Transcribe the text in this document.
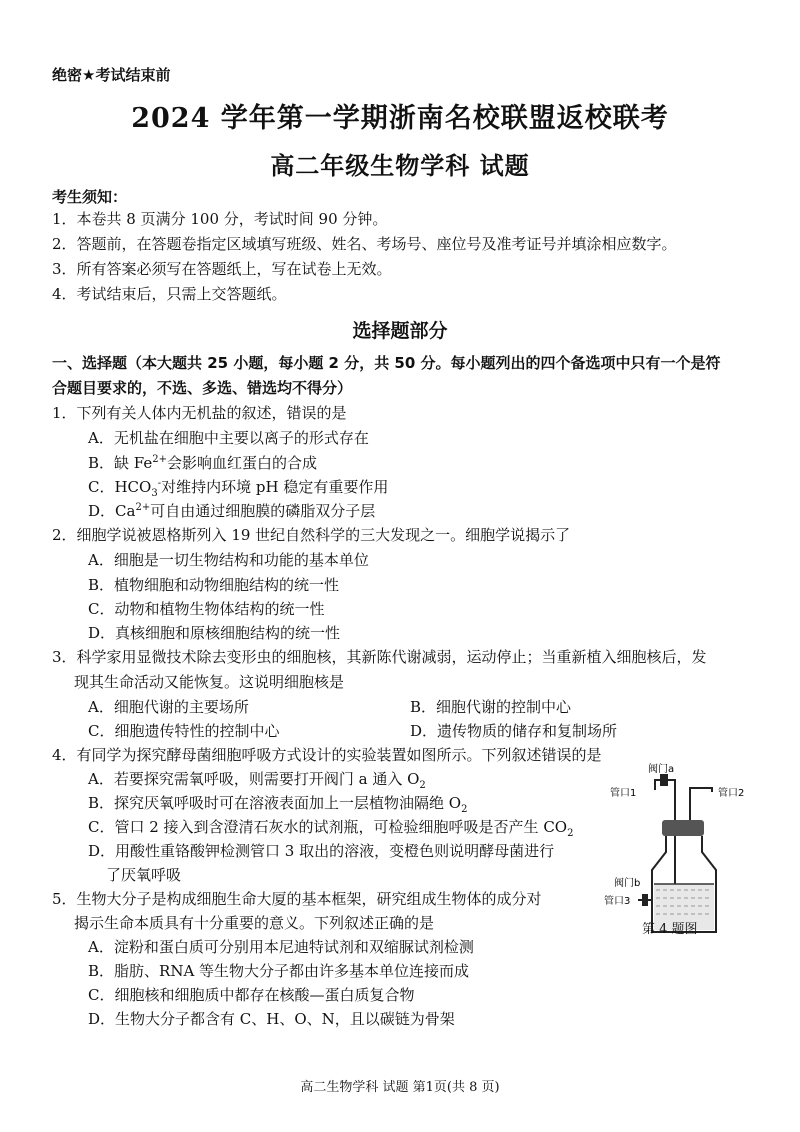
绝密★考试结束前
2024 学年第一学期浙南名校联盟返校联考
高二年级生物学科 试题
考生须知：
1．本卷共 8 页满分 100 分，考试时间 90 分钟。
2．答题前，在答题卷指定区域填写班级、姓名、考场号、座位号及准考证号并填涂相应数字。
3．所有答案必须写在答题纸上，写在试卷上无效。
4．考试结束后，只需上交答题纸。
选择题部分
一、选择题（本大题共 25 小题，每小题 2 分，共 50 分。每小题列出的四个备选项中只有一个是符
合题目要求的，不选、多选、错选均不得分）
1．下列有关人体内无机盐的叙述，错误的是
A．无机盐在细胞中主要以离子的形式存在
B．缺 $Fe^{2+}$会影响血红蛋白的合成
C．$HCO_3^-$对维持内环境 pH 稳定有重要作用
D．$Ca^{2+}$可自由通过细胞膜的磷脂双分子层
2．细胞学说被恩格斯列入 19 世纪自然科学的三大发现之一。细胞学说揭示了
A．细胞是一切生物结构和功能的基本单位
B．植物细胞和动物细胞结构的统一性
C．动物和植物生物体结构的统一性
D．真核细胞和原核细胞结构的统一性
3．科学家用显微技术除去变形虫的细胞核，其新陈代谢减弱，运动停止；当重新植入细胞核后，发
现其生命活动又能恢复。这说明细胞核是
A．细胞代谢的主要场所	B．细胞代谢的控制中心
C．细胞遗传特性的控制中心	D．遗传物质的储存和复制场所
4．有同学为探究酵母菌细胞呼吸方式设计的实验装置如图所示。下列叙述错误的是
A．若要探究需氧呼吸，则需要打开阀门 a 通入 $O_2$
B．探究厌氧呼吸时可在溶液表面加上一层植物油隔绝 $O_2$
C．管口 2 接入到含澄清石灰水的试剂瓶，可检验细胞呼吸是否产生 $CO_2$
D．用酸性重铬酸钾检测管口 3 取出的溶液，变橙色则说明酵母菌进行
了厌氧呼吸
阀门a
管口1	管口2
阀门b
管口3
第 4 题图
5．生物大分子是构成细胞生命大厦的基本框架，研究组成生物体的成分对
揭示生命本质具有十分重要的意义。下列叙述正确的是
A．淀粉和蛋白质可分别用本尼迪特试剂和双缩脲试剂检测
B．脂肪、RNA 等生物大分子都由许多基本单位连接而成
C．细胞核和细胞质中都存在核酸—蛋白质复合物
D．生物大分子都含有 C、H、O、N，且以碳链为骨架
高二生物学科 试题 第1页(共 8 页)
